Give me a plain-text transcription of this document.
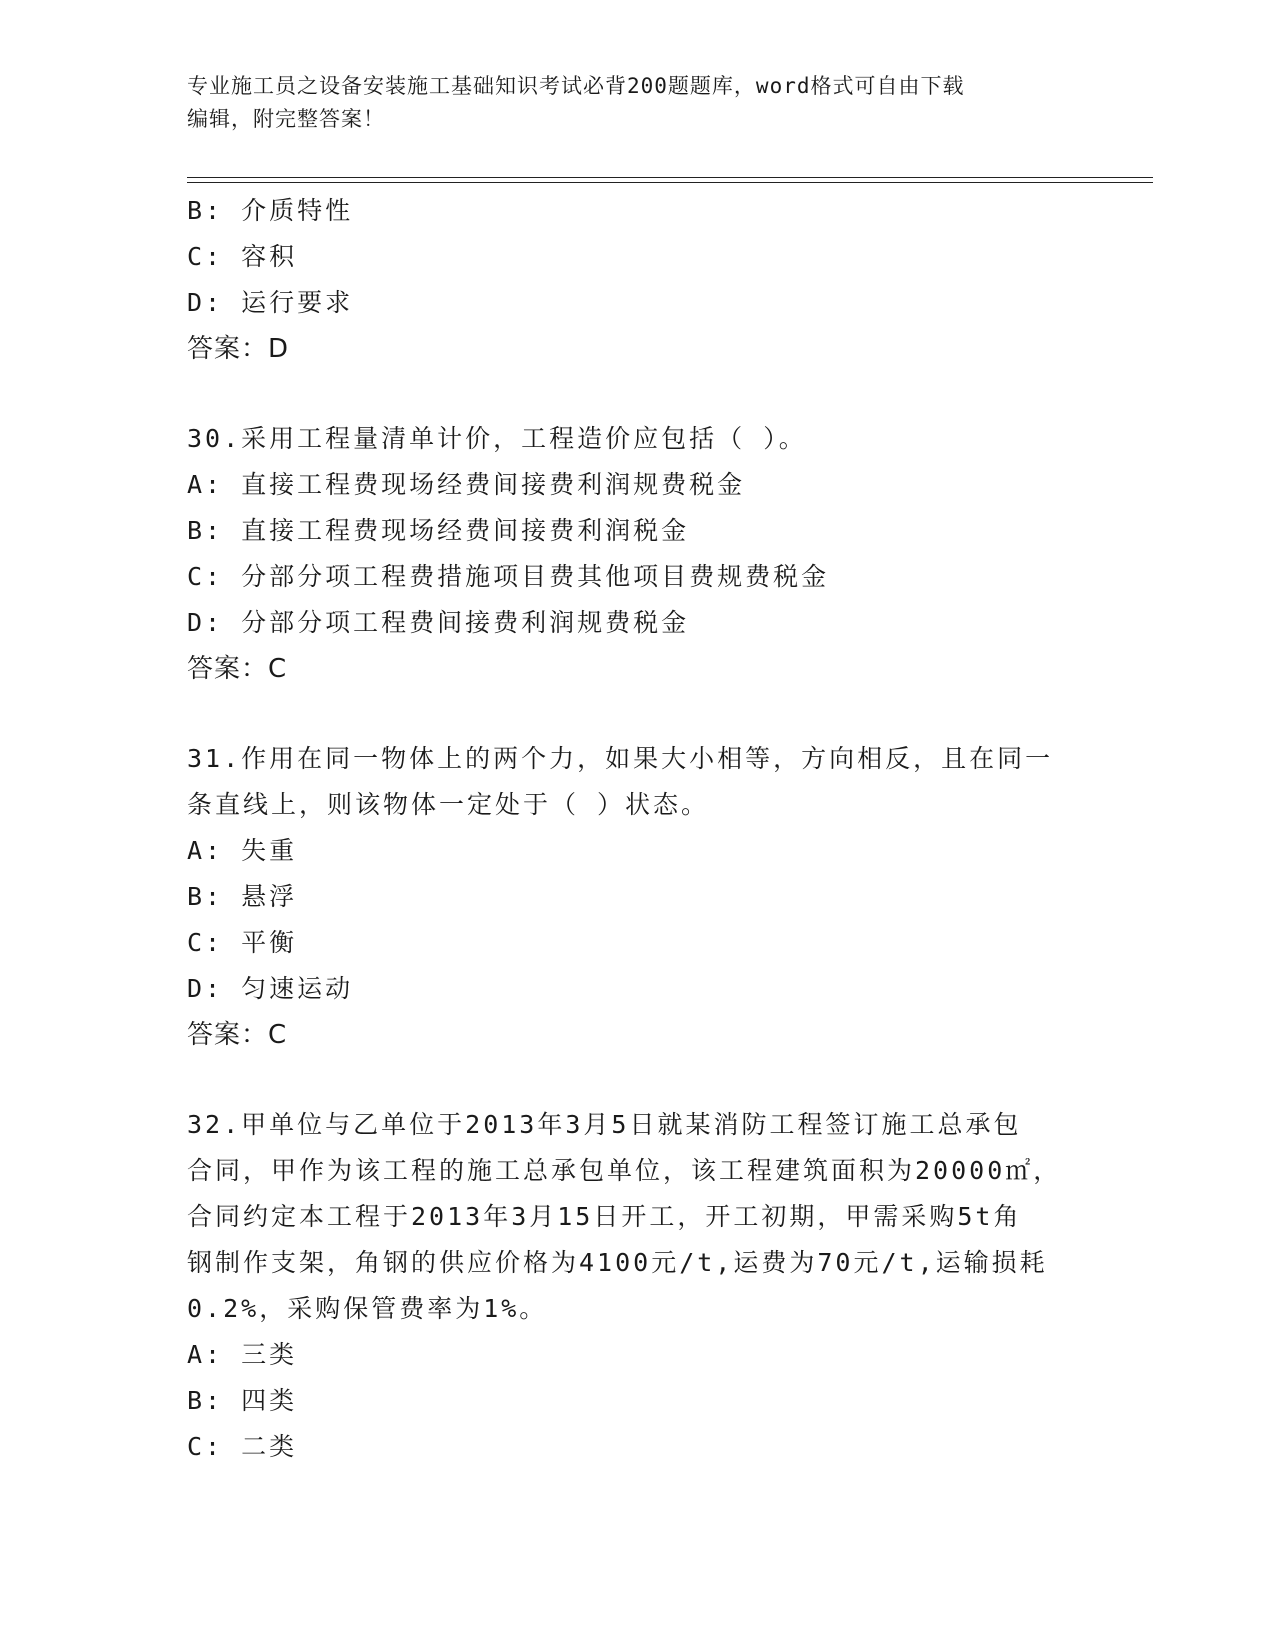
专业施工员之设备安装施工基础知识考试必背200题题库，word格式可自由下载
编辑，附完整答案！
B: 介质特性
C: 容积
D: 运行要求
答案：D
30.采用工程量清单计价，工程造价应包括（ ）。
A: 直接工程费现场经费间接费利润规费税金
B: 直接工程费现场经费间接费利润税金
C: 分部分项工程费措施项目费其他项目费规费税金
D: 分部分项工程费间接费利润规费税金
答案：C
31.作用在同一物体上的两个力，如果大小相等，方向相反，且在同一
条直线上，则该物体一定处于（ ）状态。
A: 失重
B: 悬浮
C: 平衡
D: 匀速运动
答案：C
32.甲单位与乙单位于2013年3月5日就某消防工程签订施工总承包
合同，甲作为该工程的施工总承包单位，该工程建筑面积为20000㎡，
合同约定本工程于2013年3月15日开工，开工初期，甲需采购5t角
钢制作支架，角钢的供应价格为4100元/t,运费为70元/t,运输损耗
0.2%，采购保管费率为1%。
A: 三类
B: 四类
C: 二类
